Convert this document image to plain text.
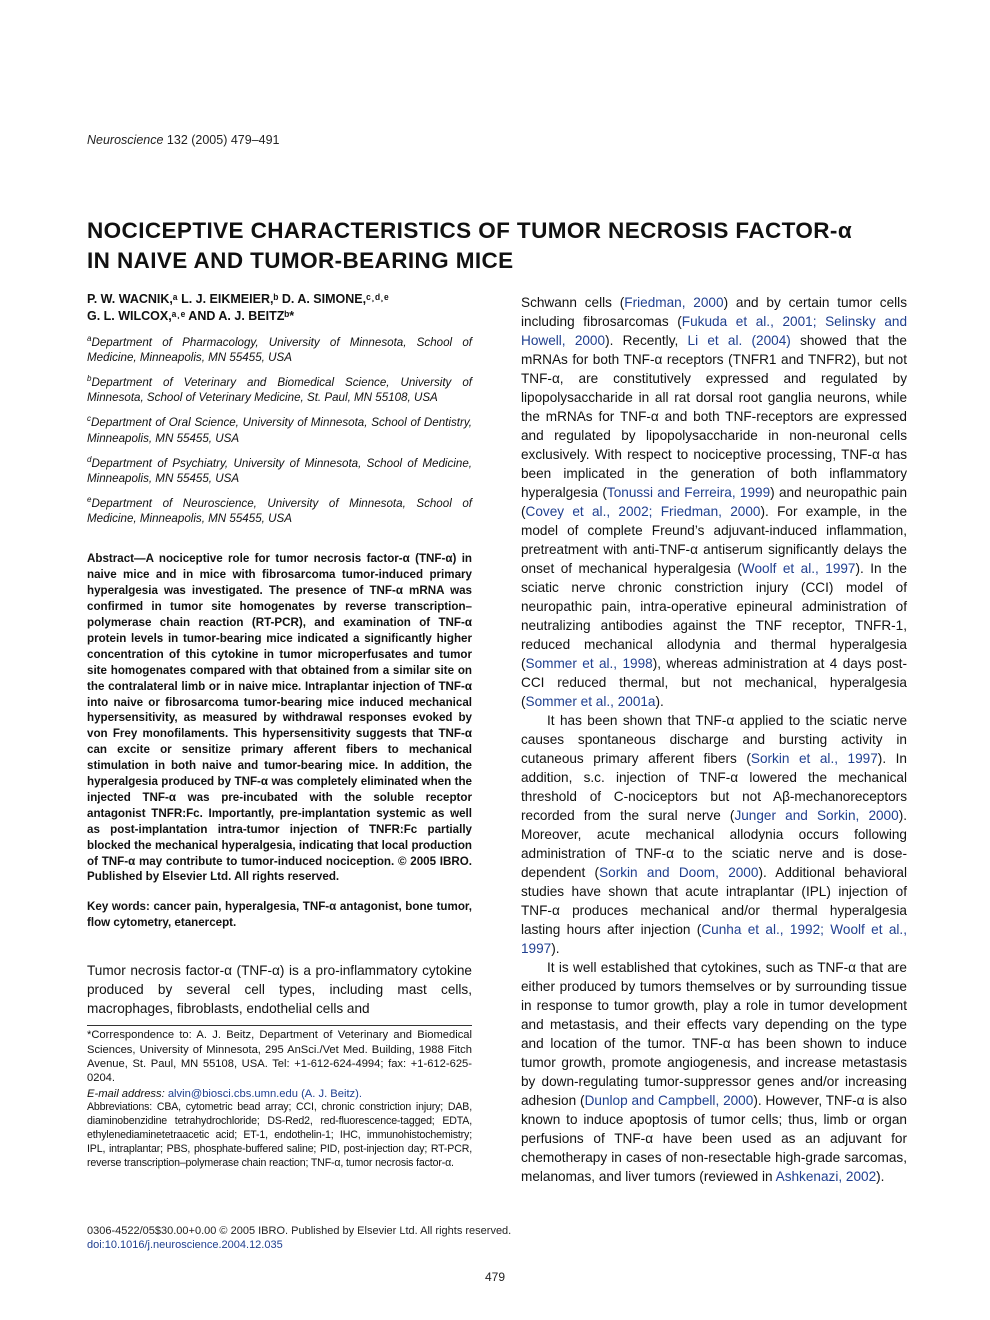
Neuroscience 132 (2005) 479–491
NOCICEPTIVE CHARACTERISTICS OF TUMOR NECROSIS FACTOR-α
IN NAIVE AND TUMOR-BEARING MICE
P. W. WACNIK,ᵃ L. J. EIKMEIER,ᵇ D. A. SIMONE,ᶜ˒ᵈ˒ᵉ
G. L. WILCOX,ᵃ˒ᵉ AND A. J. BEITZᵇ*

$^a$Department of Pharmacology, University of Minnesota, School of Medicine, Minneapolis, MN 55455, USA

$^b$Department of Veterinary and Biomedical Science, University of Minnesota, School of Veterinary Medicine, St. Paul, MN 55108, USA

$^c$Department of Oral Science, University of Minnesota, School of Dentistry, Minneapolis, MN 55455, USA

$^d$Department of Psychiatry, University of Minnesota, School of Medicine, Minneapolis, MN 55455, USA

$^e$Department of Neuroscience, University of Minnesota, School of Medicine, Minneapolis, MN 55455, USA

Abstract—A nociceptive role for tumor necrosis factor-α (TNF-α) in naive mice and in mice with fibrosarcoma tumor-induced primary hyperalgesia was investigated. The presence of TNF-α mRNA was confirmed in tumor site homogenates by reverse transcription–polymerase chain reaction (RT-PCR), and examination of TNF-α protein levels in tumor-bearing mice indicated a significantly higher concentration of this cytokine in tumor microperfusates and tumor site homogenates compared with that obtained from a similar site on the contralateral limb or in naive mice. Intraplantar injection of TNF-α into naive or fibrosarcoma tumor-bearing mice induced mechanical hypersensitivity, as measured by withdrawal responses evoked by von Frey monofilaments. This hypersensitivity suggests that TNF-α can excite or sensitize primary afferent fibers to mechanical stimulation in both naive and tumor-bearing mice. In addition, the hyperalgesia produced by TNF-α was completely eliminated when the injected TNF-α was pre-incubated with the soluble receptor antagonist TNFR:Fc. Importantly, pre-implantation systemic as well as post-implantation intra-tumor injection of TNFR:Fc partially blocked the mechanical hyperalgesia, indicating that local production of TNF-α may contribute to tumor-induced nociception. © 2005 IBRO. Published by Elsevier Ltd. All rights reserved.

Key words: cancer pain, hyperalgesia, TNF-α antagonist, bone tumor, flow cytometry, etanercept.

Tumor necrosis factor-α (TNF-α) is a pro-inflammatory cytokine produced by several cell types, including mast cells, macrophages, fibroblasts, endothelial cells and

*Correspondence to: A. J. Beitz, Department of Veterinary and Biomedical Sciences, University of Minnesota, 295 AnSci./Vet Med. Building, 1988 Fitch Avenue, St. Paul, MN 55108, USA. Tel: +1-612-624-4994; fax: +1-612-625-0204.

E-mail address: alvin@biosci.cbs.umn.edu (A. J. Beitz).

Abbreviations: CBA, cytometric bead array; CCI, chronic constriction injury; DAB, diaminobenzidine tetrahydrochloride; DS-Red2, red-fluorescence-tagged; EDTA, ethylenediaminetetraacetic acid; ET-1, endothelin-1; IHC, immunohistochemistry; IPL, intraplantar; PBS, phosphate-buffered saline; PID, post-injection day; RT-PCR, reverse transcription–polymerase chain reaction; TNF-α, tumor necrosis factor-α.

Schwann cells (Friedman, 2000) and by certain tumor cells including fibrosarcomas (Fukuda et al., 2001; Selinsky and Howell, 2000). Recently, Li et al. (2004) showed that the mRNAs for both TNF-α receptors (TNFR1 and TNFR2), but not TNF-α, are constitutively expressed and regulated by lipopolysaccharide in all rat dorsal root ganglia neurons, while the mRNAs for TNF-α and both TNF-receptors are expressed and regulated by lipopolysaccharide in non-neuronal cells exclusively. With respect to nociceptive processing, TNF-α has been implicated in the generation of both inflammatory hyperalgesia (Tonussi and Ferreira, 1999) and neuropathic pain (Covey et al., 2002; Friedman, 2000). For example, in the model of complete Freund’s adjuvant-induced inflammation, pretreatment with anti-TNF-α antiserum significantly delays the onset of mechanical hyperalgesia (Woolf et al., 1997). In the sciatic nerve chronic constriction injury (CCI) model of neuropathic pain, intra-operative epineural administration of neutralizing antibodies against the TNF receptor, TNFR-1, reduced mechanical allodynia and thermal hyperalgesia (Sommer et al., 1998), whereas administration at 4 days post-CCI reduced thermal, but not mechanical, hyperalgesia (Sommer et al., 2001a).

It has been shown that TNF-α applied to the sciatic nerve causes spontaneous discharge and bursting activity in cutaneous primary afferent fibers (Sorkin et al., 1997). In addition, s.c. injection of TNF-α lowered the mechanical threshold of C-nociceptors but not Aβ-mechanoreceptors recorded from the sural nerve (Junger and Sorkin, 2000). Moreover, acute mechanical allodynia occurs following administration of TNF-α to the sciatic nerve and is dose-dependent (Sorkin and Doom, 2000). Additional behavioral studies have shown that acute intraplantar (IPL) injection of TNF-α produces mechanical and/or thermal hyperalgesia lasting hours after injection (Cunha et al., 1992; Woolf et al., 1997).

It is well established that cytokines, such as TNF-α that are either produced by tumors themselves or by surrounding tissue in response to tumor growth, play a role in tumor development and metastasis, and their effects vary depending on the type and location of the tumor. TNF-α has been shown to induce tumor growth, promote angiogenesis, and increase metastasis by down-regulating tumor-suppressor genes and/or increasing adhesion (Dunlop and Campbell, 2000). However, TNF-α is also known to induce apoptosis of tumor cells; thus, limb or organ perfusions of TNF-α have been used as an adjuvant for chemotherapy in cases of non-resectable high-grade sarcomas, melanomas, and liver tumors (reviewed in Ashkenazi, 2002).

0306-4522/05$30.00+0.00 © 2005 IBRO. Published by Elsevier Ltd. All rights reserved.
doi:10.1016/j.neuroscience.2004.12.035
479
